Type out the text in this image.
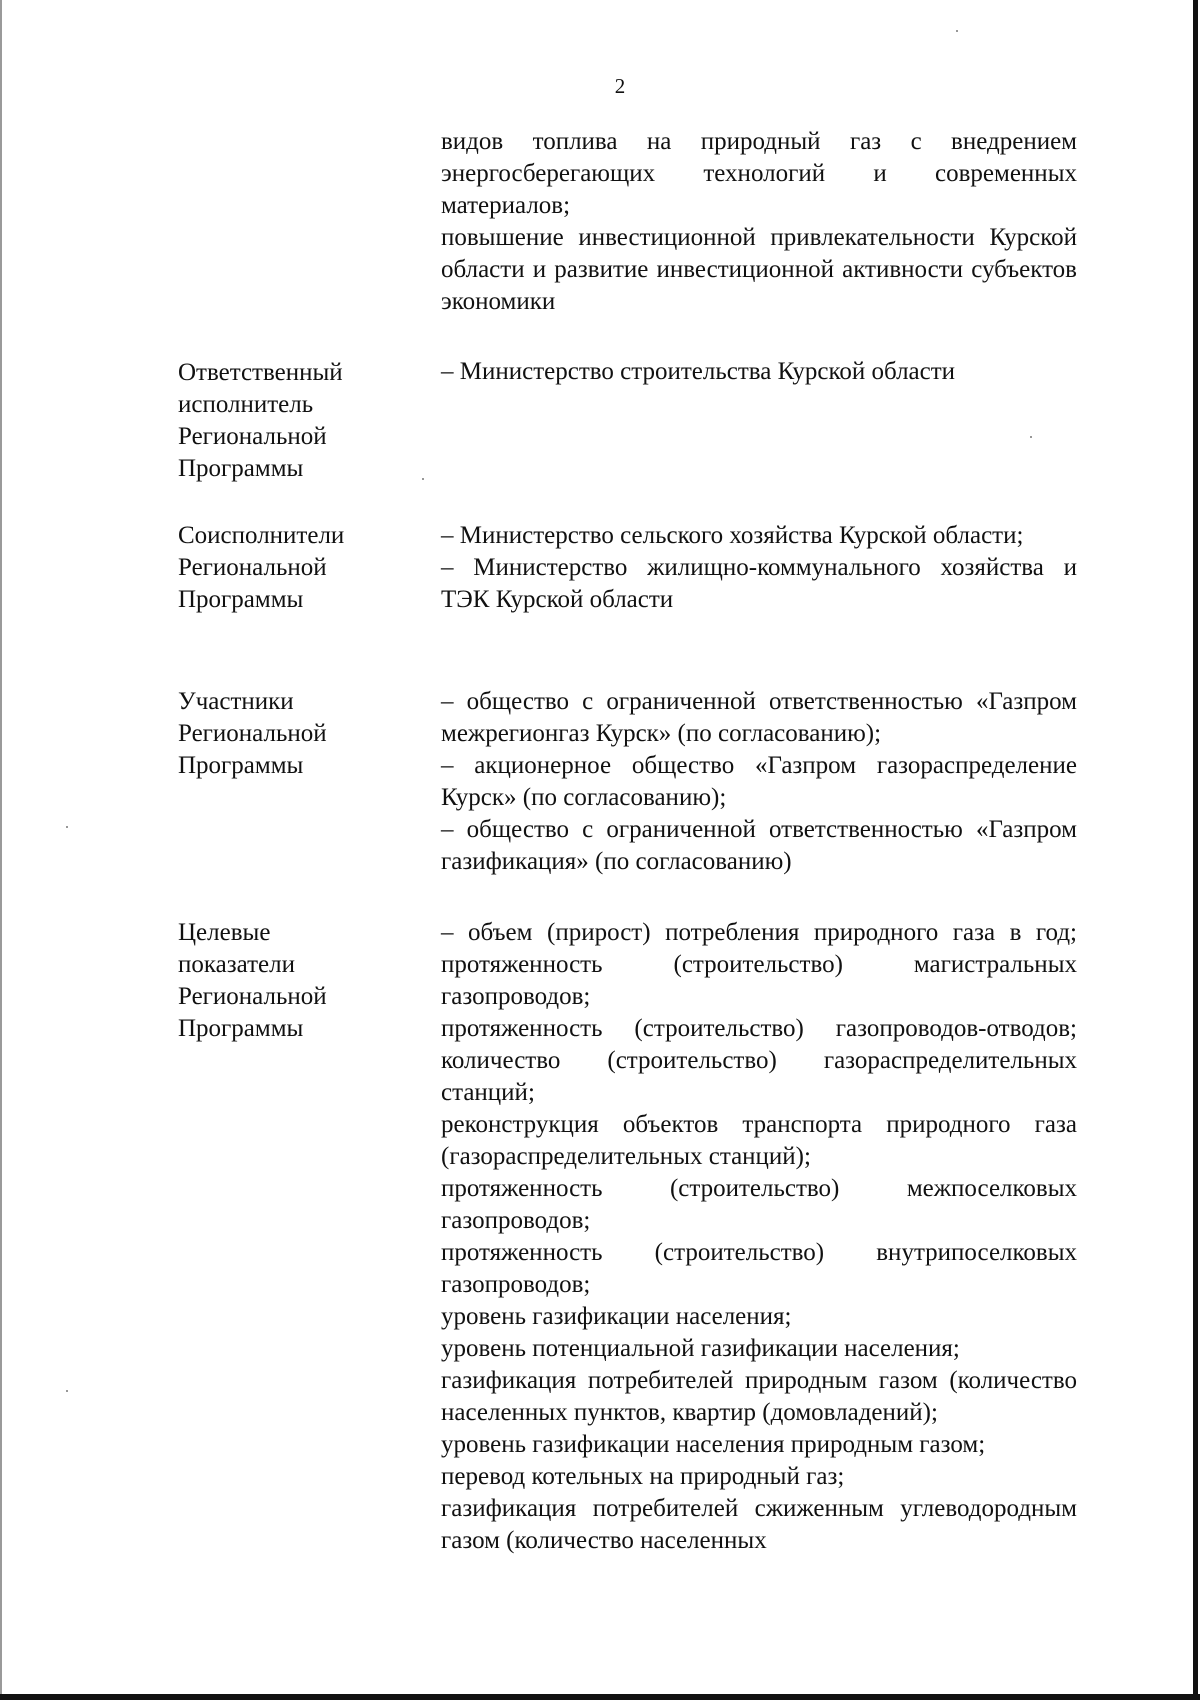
2

видов топлива на природный газ с внедрением энергосберегающих технологий и современных материалов;

повышение инвестиционной привлекательности Курской области и развитие инвестиционной активности субъектов экономики

Ответственный
исполнитель
Региональной
Программы

– Министерство строительства Курской области

Соисполнители
Региональной
Программы

– Министерство сельского хозяйства Курской области;

– Министерство жилищно-коммунального хозяйства и ТЭК Курской области

Участники
Региональной
Программы

– общество с ограниченной ответственностью «Газпром межрегионгаз Курск» (по согласованию);

– акционерное общество «Газпром газораспределение Курск» (по согласованию);

– общество с ограниченной ответственностью «Газпром газификация» (по согласованию)

Целевые
показатели
Региональной
Программы

– объем (прирост) потребления природного газа в год; протяженность (строительство) магистральных газопроводов;

протяженность (строительство) газопроводов-отводов; количество (строительство) газораспределительных станций;

реконструкция объектов транспорта природного газа (газораспределительных станций);

протяженность (строительство) межпоселковых газопроводов;

протяженность (строительство) внутрипоселковых газопроводов;

уровень газификации населения;

уровень потенциальной газификации населения;

газификация потребителей природным газом (количество населенных пунктов, квартир (домовладений);

уровень газификации населения природным газом;

перевод котельных на природный газ;

газификация потребителей сжиженным углеводородным газом (количество населенных
